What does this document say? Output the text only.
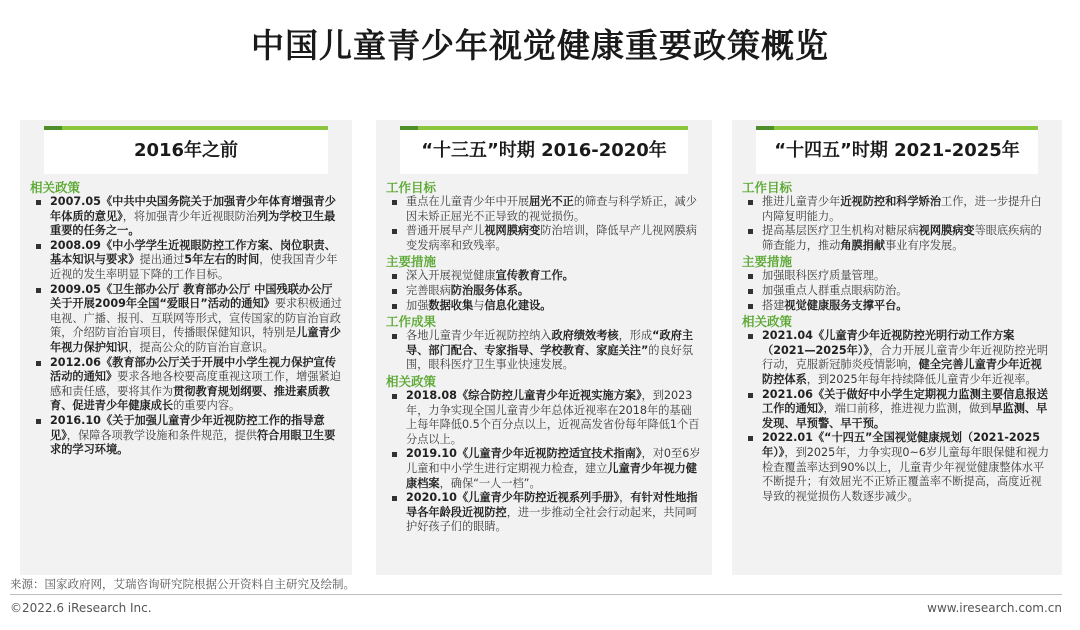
中国儿童青少年视觉健康重要政策概览
2016年之前
相关政策
2007.05《中共中央国务院关于加强青少年体育增强青少年体质的意见》，将加强青少年近视眼防治列为学校卫生最重要的任务之一。
2008.09《中小学学生近视眼防控工作方案、岗位职责、基本知识与要求》提出通过5年左右的时间，使我国青少年近视的发生率明显下降的工作目标。
2009.05《卫生部办公厅 教育部办公厅 中国残联办公厅关于开展2009年全国“爱眼日”活动的通知》要求积极通过电视、广播、报刊、互联网等形式，宣传国家的防盲治盲政策，介绍防盲治盲项目，传播眼保健知识，特别是儿童青少年视力保护知识，提高公众的防盲治盲意识。
2012.06《教育部办公厅关于开展中小学生视力保护宣传活动的通知》要求各地各校要高度重视这项工作，增强紧迫感和责任感，要将其作为贯彻教育规划纲要、推进素质教育、促进青少年健康成长的重要内容。
2016.10《关于加强儿童青少年近视防控工作的指导意见》，保障各项教学设施和条件规范，提供符合用眼卫生要求的学习环境。
“十三五”时期 2016-2020年
工作目标
重点在儿童青少年中开展屈光不正的筛查与科学矫正，减少因未矫正屈光不正导致的视觉损伤。
普通开展早产儿视网膜病变防治培训，降低早产儿视网膜病变发病率和致残率。
主要措施
深入开展视觉健康宣传教育工作。
完善眼病防治服务体系。
加强数据收集与信息化建设。
工作成果
各地儿童青少年近视防控纳入政府绩效考核，形成“政府主导、部门配合、专家指导、学校教育、家庭关注”的良好氛围，眼科医疗卫生事业快速发展。
相关政策
2018.08《综合防控儿童青少年近视实施方案》，到2023年，力争实现全国儿童青少年总体近视率在2018年的基础上每年降低0.5个百分点以上，近视高发省份每年降低1个百分点以上。
2019.10《儿童青少年近视防控适宜技术指南》，对0至6岁儿童和中小学生进行定期视力检查，建立儿童青少年视力健康档案，确保“一人一档”。
2020.10《儿童青少年防控近视系列手册》，有针对性地指导各年龄段近视防控，进一步推动全社会行动起来，共同呵护好孩子们的眼睛。
“十四五”时期 2021-2025年
工作目标
推进儿童青少年近视防控和科学矫治工作，进一步提升白内障复明能力。
提高基层医疗卫生机构对糖尿病视网膜病变等眼底疾病的筛查能力，推动角膜捐献事业有序发展。
主要措施
加强眼科医疗质量管理。
加强重点人群重点眼病防治。
搭建视觉健康服务支撑平台。
相关政策
2021.04《儿童青少年近视防控光明行动工作方案（2021—2025年）》，合力开展儿童青少年近视防控光明行动，克服新冠肺炎疫情影响，健全完善儿童青少年近视防控体系，到2025年每年持续降低儿童青少年近视率。
2021.06《关于做好中小学生定期视力监测主要信息报送工作的通知》，端口前移，推进视力监测，做到早监测、早发现、早预警、早干预。
2022.01《“十四五”全国视觉健康规划（2021-2025年）》，到2025年，力争实现0~6岁儿童每年眼保健和视力检查覆盖率达到90%以上，儿童青少年视觉健康整体水平不断提升；有效屈光不正矫正覆盖率不断提高，高度近视导致的视觉损伤人数逐步减少。
来源：国家政府网，艾瑞咨询研究院根据公开资料自主研究及绘制。
©2022.6 iResearch Inc.	www.iresearch.com.cn
